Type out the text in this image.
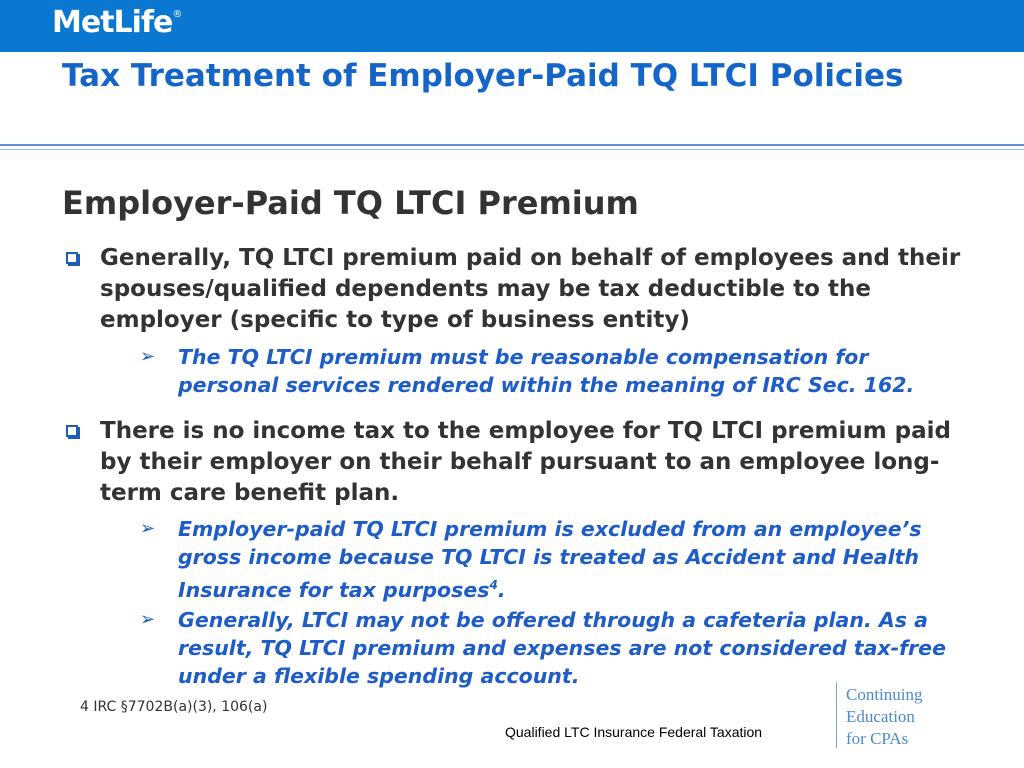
MetLife®
Tax Treatment of Employer-Paid TQ LTCI Policies
Employer-Paid TQ LTCI Premium
Generally, TQ LTCI premium paid on behalf of employees and their spouses/qualified dependents may be tax deductible to the employer (specific to type of business entity)
➢ The TQ LTCI premium must be reasonable compensation for personal services rendered within the meaning of IRC Sec. 162.
There is no income tax to the employee for TQ LTCI premium paid by their employer on their behalf pursuant to an employee long-term care benefit plan.
➢ Employer-paid TQ LTCI premium is excluded from an employee’s gross income because TQ LTCI is treated as Accident and Health Insurance for tax purposes$^4$.
➢ Generally, LTCI may not be offered through a cafeteria plan. As a result, TQ LTCI premium and expenses are not considered tax-free under a flexible spending account.
4 IRC §7702B(a)(3), 106(a)
Qualified LTC Insurance Federal Taxation
Continuing
Education
for CPAs
